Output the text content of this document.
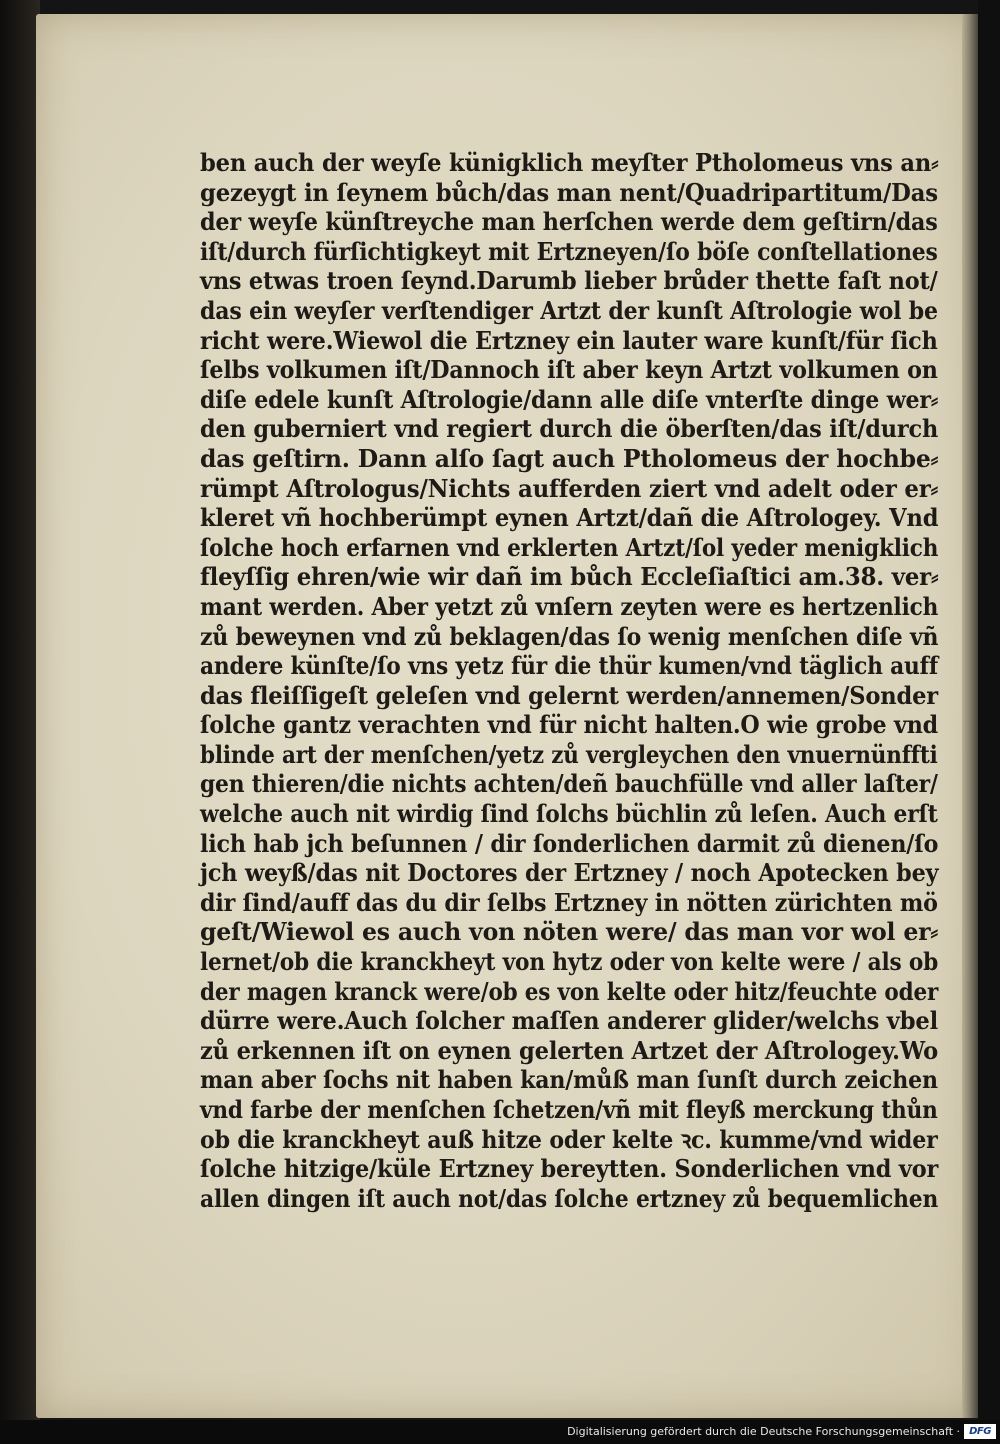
ben auch der weyſe künigklich meyſter Ptholomeus vns an⸗
gezeygt in ſeynem bůch/das man nent/Quadripartitum/Das
der weyſe künſtreyche man herſchen werde dem geſtirn/das
iſt/durch fürſichtigkeyt mit Ertzneyen/ſo böſe conſtellationes
vns etwas troen ſeynd.Darumb lieber brůder thette faſt not/
das ein weyſer verſtendiger Artzt der kunſt Aſtrologie wol be
richt were.Wiewol die Ertzney ein lauter ware kunſt/für ſich
ſelbs volkumen iſt/Dannoch iſt aber keyn Artzt volkumen on
diſe edele kunſt Aſtrologie/dann alle diſe vnterſte dinge wer⸗
den guberniert vnd regiert durch die öberſten/das iſt/durch
das geſtirn. Dann alſo ſagt auch Ptholomeus der hochbe⸗
rümpt Aſtrologus/Nichts aufferden ziert vnd adelt oder er⸗
kleret vñ hochberümpt eynen Artzt/dañ die Aſtrologey. Vnd
ſolche hoch erfarnen vnd erklerten Artzt/ſol yeder menigklich
fleyſſig ehren/wie wir dañ im bůch Eccleſiaſtici am.38. ver⸗
mant werden. Aber yetzt zů vnſern zeyten were es hertzenlich
zů beweynen vnd zů beklagen/das ſo wenig menſchen diſe vñ
andere künſte/ſo vns yetz für die thür kumen/vnd täglich auff
das fleiſſigeſt geleſen vnd gelernt werden/annemen/Sonder
ſolche gantz verachten vnd für nicht halten.O wie grobe vnd
blinde art der menſchen/yetz zů vergleychen den vnuernünffti
gen thieren/die nichts achten/deñ bauchfülle vnd aller laſter/
welche auch nit wirdig ſind ſolchs büchlin zů leſen. Auch erſt
lich hab jch beſunnen / dir ſonderlichen darmit zů dienen/ſo
jch weyß/das nit Doctores der Ertzney / noch Apotecken bey
dir ſind/auff das du dir ſelbs Ertzney in nötten zürichten mö
geſt/Wiewol es auch von nöten were/ das man vor wol er⸗
lernet/ob die kranckheyt von hytz oder von kelte were / als ob
der magen kranck were/ob es von kelte oder hitz/feuchte oder
dürre were.Auch ſolcher maſſen anderer glider/welchs vbel
zů erkennen iſt on eynen gelerten Artzet der Aſtrologey.Wo
man aber ſochs nit haben kan/můß man ſunſt durch zeichen
vnd farbe der menſchen ſchetzen/vñ mit fleyß merckung thůn
ob die kranckheyt auß hitze oder kelte ꝛc. kumme/vnd wider
ſolche hitzige/küle Ertzney bereytten. Sonderlichen vnd vor
allen dingen iſt auch not/das ſolche ertzney zů bequemlichen
Digitalisierung gefördert durch die Deutsche Forschungsgemeinschaft · DFG
